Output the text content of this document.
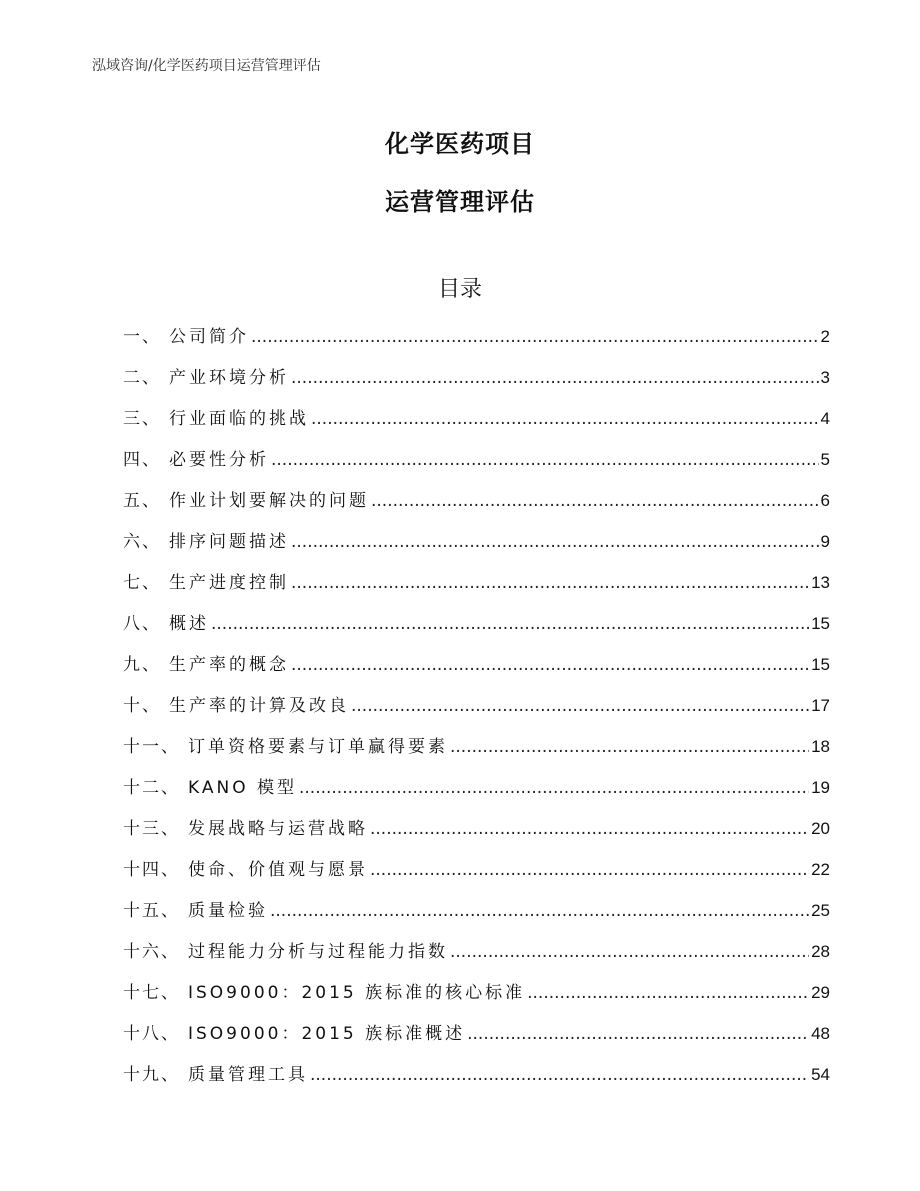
泓域咨询/化学医药项目运营管理评估
化学医药项目
运营管理评估
目录
一、 公司简介 .....	2
二、 产业环境分析 .....	3
三、 行业面临的挑战 .....	4
四、 必要性分析 .....	5
五、 作业计划要解决的问题 .....	6
六、 排序问题描述 .....	9
七、 生产进度控制 .....	13
八、 概述 .....	15
九、 生产率的概念 .....	15
十、 生产率的计算及改良 .....	17
十一、 订单资格要素与订单赢得要素 .....	18
十二、 KANO 模型 .....	19
十三、 发展战略与运营战略 .....	20
十四、 使命、价值观与愿景 .....	22
十五、 质量检验 .....	25
十六、 过程能力分析与过程能力指数 .....	28
十七、 ISO9000：2015 族标准的核心标准 .....	29
十八、 ISO9000：2015 族标准概述 .....	48
十九、 质量管理工具 .....	54
